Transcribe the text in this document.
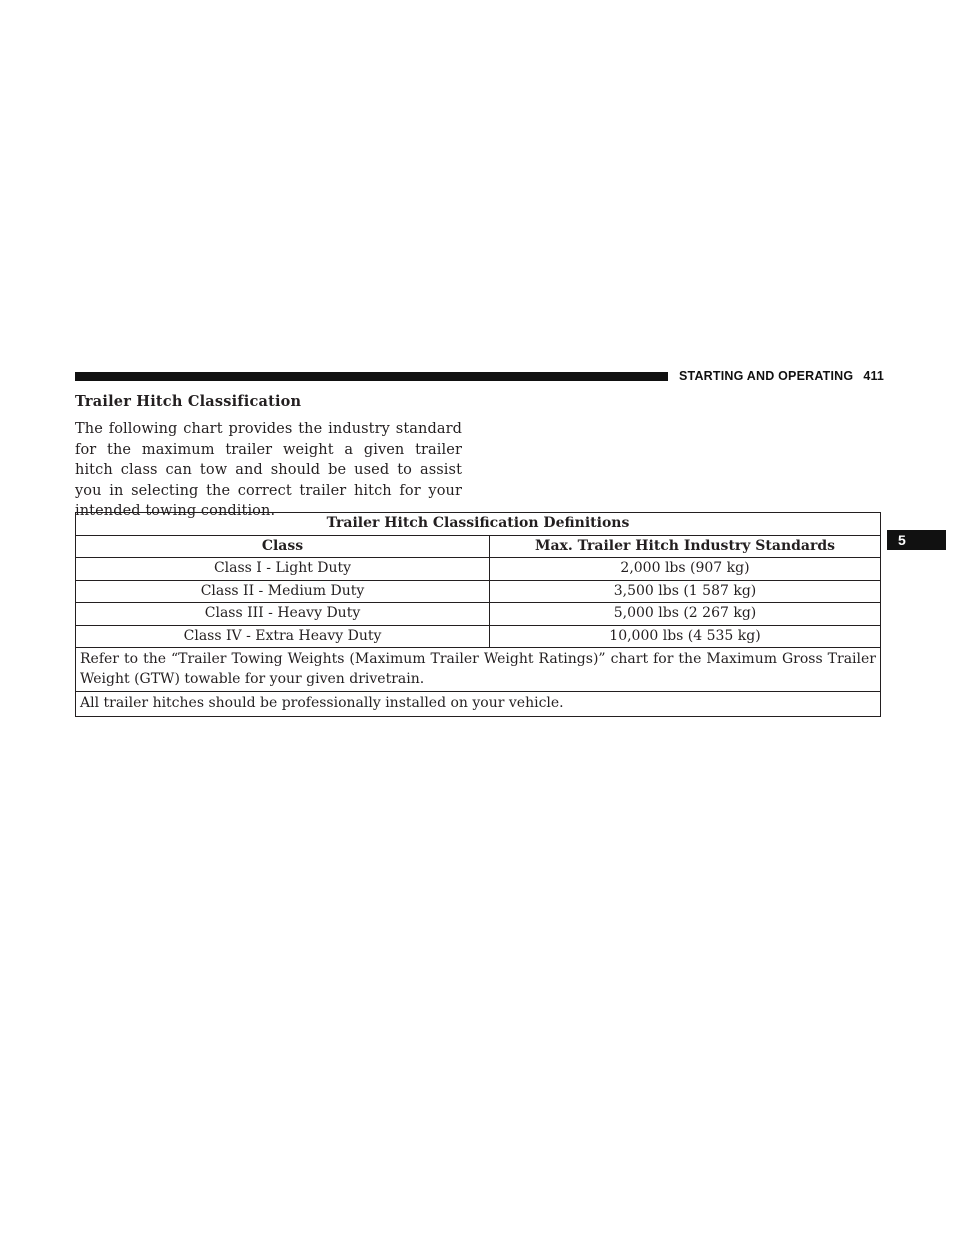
STARTING AND OPERATING 411
Trailer Hitch Classification
The following chart provides the industry standard for the maximum trailer weight a given trailer hitch class can tow and should be used to assist you in selecting the correct trailer hitch for your intended towing condition.
5
Trailer Hitch Classification Definitions	
Class	Max. Trailer Hitch Industry Standards
Class I - Light Duty	2,000 lbs (907 kg)
Class II - Medium Duty	3,500 lbs (1 587 kg)
Class III - Heavy Duty	5,000 lbs (2 267 kg)
Class IV - Extra Heavy Duty	10,000 lbs (4 535 kg)
Refer to the “Trailer Towing Weights (Maximum Trailer Weight Ratings)” chart for the Maximum Gross Trailer Weight (GTW) towable for your given drivetrain.	
All trailer hitches should be professionally installed on your vehicle.	
